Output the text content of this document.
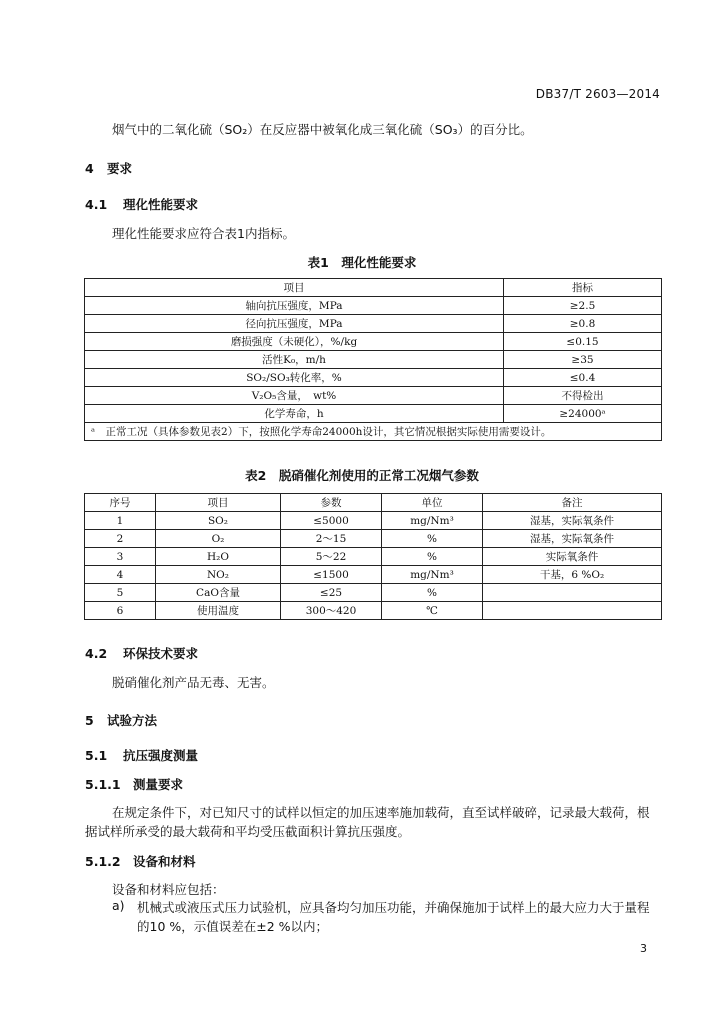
DB37/T 2603—2014
烟气中的二氧化硫（SO₂）在反应器中被氧化成三氧化硫（SO₃）的百分比。
4 要求
4.1 理化性能要求
理化性能要求应符合表1内指标。
表1　理化性能要求
项目	指标
轴向抗压强度，MPa	≥2.5
径向抗压强度，MPa	≥0.8
磨损强度（未硬化），%/kg	≤0.15
活性K₀，m/h	≥35
SO₂/SO₃转化率，%	≤0.4
V₂O₅含量，　wt%	不得检出
化学寿命，h	≥24000ᵃ
ᵃ　正常工况（具体参数见表2）下，按照化学寿命24000h设计，其它情况根据实际使用需要设计。	
表2　脱硝催化剂使用的正常工况烟气参数
序号	项目	参数	单位	备注
1	SO₂	≤5000	mg/Nm³	湿基，实际氧条件
2	O₂	2～15	%	湿基，实际氧条件
3	H₂O	5～22	%	实际氧条件
4	NO₂	≤1500	mg/Nm³	干基，6 %O₂
5	CaO含量	≤25	%	
6	使用温度	300～420	℃	
4.2 环保技术要求
脱硝催化剂产品无毒、无害。
5 试验方法
5.1 抗压强度测量
5.1.1 测量要求
在规定条件下，对已知尺寸的试样以恒定的加压速率施加载荷，直至试样破碎，记录最大载荷，根
据试样所承受的最大载荷和平均受压截面积计算抗压强度。
5.1.2 设备和材料
设备和材料应包括：
a) 机械式或液压式压力试验机，应具备均匀加压功能，并确保施加于试样上的最大应力大于量程
的10 %，示值误差在±2 %以内；
3
